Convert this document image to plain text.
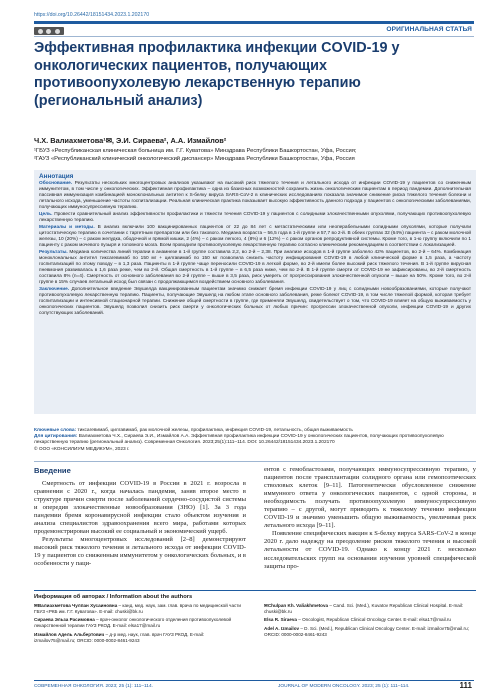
https://doi.org/10.26442/18151434.2023.1.202170
ОРИГИНАЛЬНАЯ СТАТЬЯ
Эффективная профилактика инфекции COVID-19 у онкологических пациентов, получающих противоопухолевую лекарственную терапию (региональный анализ)
Ч.Х. Валиахметова¹✉, Э.И. Сираева², А.А. Измайлов²
¹ГБУЗ «Республиканская клиническая больница им. Г.Г. Куватова» Минздрава Республики Башкортостан, Уфа, Россия;
²ГАУЗ «Республиканский клинический онкологический диспансер» Минздрава Республики Башкортостан, Уфа, Россия
Аннотация

Обоснование. Результаты нескольких многоцентровых анализов указывают на высокий риск тяжелого течения и летального исхода от инфекции COVID-19 у пациентов со сниженным иммунитетом, в том числе у онкологических. Эффективная профилактика – одна из базисных возможностей сохранить жизнь онкологическим пациентам в период пандемии. Дополнительная пассивная иммунизация комбинацией моноклональных антител к S-белку вируса SARS-CoV-2 в клинических исследованиях показала значимое снижение риска тяжелого течения болезни и летального исхода, уменьшение частоты госпитализации. Реальная клиническая практика показывает высокую эффективность данного подхода у пациентов с онкологическими заболеваниями, получающих иммуносупрессивную терапию.

Цель. Провести сравнительный анализ эффективности профилактики и тяжести течения COVID-19 у пациентов с солидными злокачественными опухолями, получающих противоопухолевую лекарственную терапию.

Материалы и методы. В анализ включили 100 вакцинированных пациентов от 22 до 84 лет с метастатическими или неоперабельными солидными опухолями, которые получали цитостатическую терапию в сочетании с таргетным препаратом или без такового. Медиана возраста – 56,5 года в 1-й группе и 57,7 во 2-й. В обеих группах 32 (64%) пациента – с раком молочной железы, 10 (20%) – с раком желудка, ободочной и прямой кишки, 2 (4%) – с раком легкого, 4 (8%) и 6 (12%) – с раком органов репродуктивной системы. Кроме того, в 1-ю группу включили по 1 пациенту с раком мочевого пузыря и головного мозга. Всем проводили противоопухолевую лекарственную терапию согласно клиническим рекомендациям в соответствии с локализацией.

Результаты. Медиана количества линий терапии в анамнезе в 1-й группе составила 2,2, во 2-й – 2,38. При анализе исходов в 1-й группе заболело 42% пациентов, во 2-й – 64%. Комбинация моноклональных антител тиксагевимаб по 150 мг + цилгавимаб по 150 мг позволила снизить частоту инфицирования COVID-19 в любой клинической форме в 1,5 раза, а частоту госпитализаций по этому поводу – в 1,3 раза. Пациенты в 1-й группе чаще переносили COVID-19 в легкой форме, во 2-й имели более высокий риск тяжелого течения. В 1-й группе вирусная пневмония развивалась в 1,6 раза реже, чем во 2-й. Общая смертность в 1-й группе – в 6,5 раза ниже, чем во 2-й. В 1-й группе смерти от COVID-19 не зафиксированы, во 2-й смертность составила 8% (n=4). Смертность от основного заболевания во 2-й группе – выше в 3,5 раза, риск умереть от прогрессирования злокачественной опухоли – выше на 50%. Кроме того, во 2-й группе в 15% случаев летальный исход был связан с продолжающимся воздействием основного заболевания.

Заключение. Дополнительное введение Эвушелда вакцинированным пациентам значимо снижает бремя инфекции COVID-19 у лиц с солидными новообразованиями, которые получают противоопухолевую лекарственную терапию. Пациенты, получающие Эвушелд на любом этапе основного заболевания, реже болеют COVID-19, в том числе тяжелой формой, которая требует госпитализации и интенсивной стационарной терапии. Снижение общей смертности в группе, где применяли Эвушелд, свидетельствует о том, что COVID-19 влияет на общую выживаемость у онкологических пациентов. Эвушелд позволил снизить риск смерти у онкологических больных от любых причин: прогрессии злокачественной опухоли, инфекции COVID-19 и других сопутствующих заболеваний.

Ключевые слова: тиксагевимаб, цилгавимаб, рак молочной железы, профилактика, инфекция COVID-19, летальность, общая выживаемость

Для цитирования: Валиахметова Ч.Х., Сираева Э.И., Измайлов А.А. Эффективная профилактика инфекции COVID-19 у онкологических пациентов, получающих противоопухолевую лекарственную терапию (региональный анализ). Современная Онкология. 2023;25(1):111–114. DOI: 10.26442/18151434.2023.1.202170

© ООО «КОНСИЛИУМ МЕДИКУМ», 2023 г.

Введение

Смертность от инфекции COVID-19 в России в 2021 г. возросла в сравнении с 2020 г., когда началась пандемия, заняв второе место в структуре причин смерти после заболеваний сердечно-сосудистой системы и опередив злокачественные новообразования (ЗНО) [1]. За 3 года пандемии бремя коронавирусной инфекции стало объектом изучения и анализа специалистов здравоохранения всего мира, работами которых продемонстрирован высокий ее социальный и экономический ущерб.

Результаты многоцентровых исследований [2–8] демонстрируют высокий риск тяжелого течения и летального исхода от инфекции COVID-19 у пациентов со сниженным иммунитетом у онкологических больных, и в особенности у паци-

ентов с гемобластозами, получающих иммуносупрессивную терапию, у пациентов после трансплантации солидного органа или гемопоэтических стволовых клеток [9–11]. Патогенетически обусловленное снижение иммунного ответа у онкологических пациентов, с одной стороны, и необходимость получать противоопухолевую иммуносупрессивную терапию – с другой, могут приводить к тяжелому течению инфекции COVID-19 и значимо уменьшить общую выживаемость, увеличивая риск летального исхода [9–11].

Появление специфических вакцин к S-белку вируса SARS-CoV-2 в конце 2020 г. дало надежду на преодоление рисков тяжелого течения и высокой летальности от COVID-19. Однако к концу 2021 г. несколько исследовательских групп на основании изучения уровней специфической защиты про-

Информация об авторах / Information about the authors

✉Валиахметова Чулпан Хусаиновна – канд. мед. наук, зам. глав. врача по медицинской части ГБУЗ «РКБ им. Г.Г. Куватова». E-mail: chuski@bk.ru

Сираева Эльза Расимовна – врач-онколог онкологического отделения противоопухолевой лекарственной терапии ГАУЗ РКОД. E-mail: elsa17@mail.ru

Измайлов Адель Альбертович – д-р мед. наук, глав. врач ГАУЗ РКОД. E-mail: izmailov75@mail.ru; ORCID: 0000-0002-8461-9243

✉Chulpan Kh. Valiakhmetova – Cand. Sci. (Med.), Kuvatov Republican Clinical Hospital. E-mail: chuski@bk.ru

Elsa R. Siraeva – Oncologist, Republican Clinical Oncology Center. E-mail: elsa17@mail.ru

Adel A. Izmailov – D. Sci. (Med.), Republican Clinical Oncology Center. E-mail: izmailov75@mail.ru; ORCID: 0000-0002-8461-9243

СОВРЕМЕННАЯ ОНКОЛОГИЯ. 2023; 25 (1): 111–114.	JOURNAL OF MODERN ONCOLOGY. 2023; 25 (1): 111–114.	111
